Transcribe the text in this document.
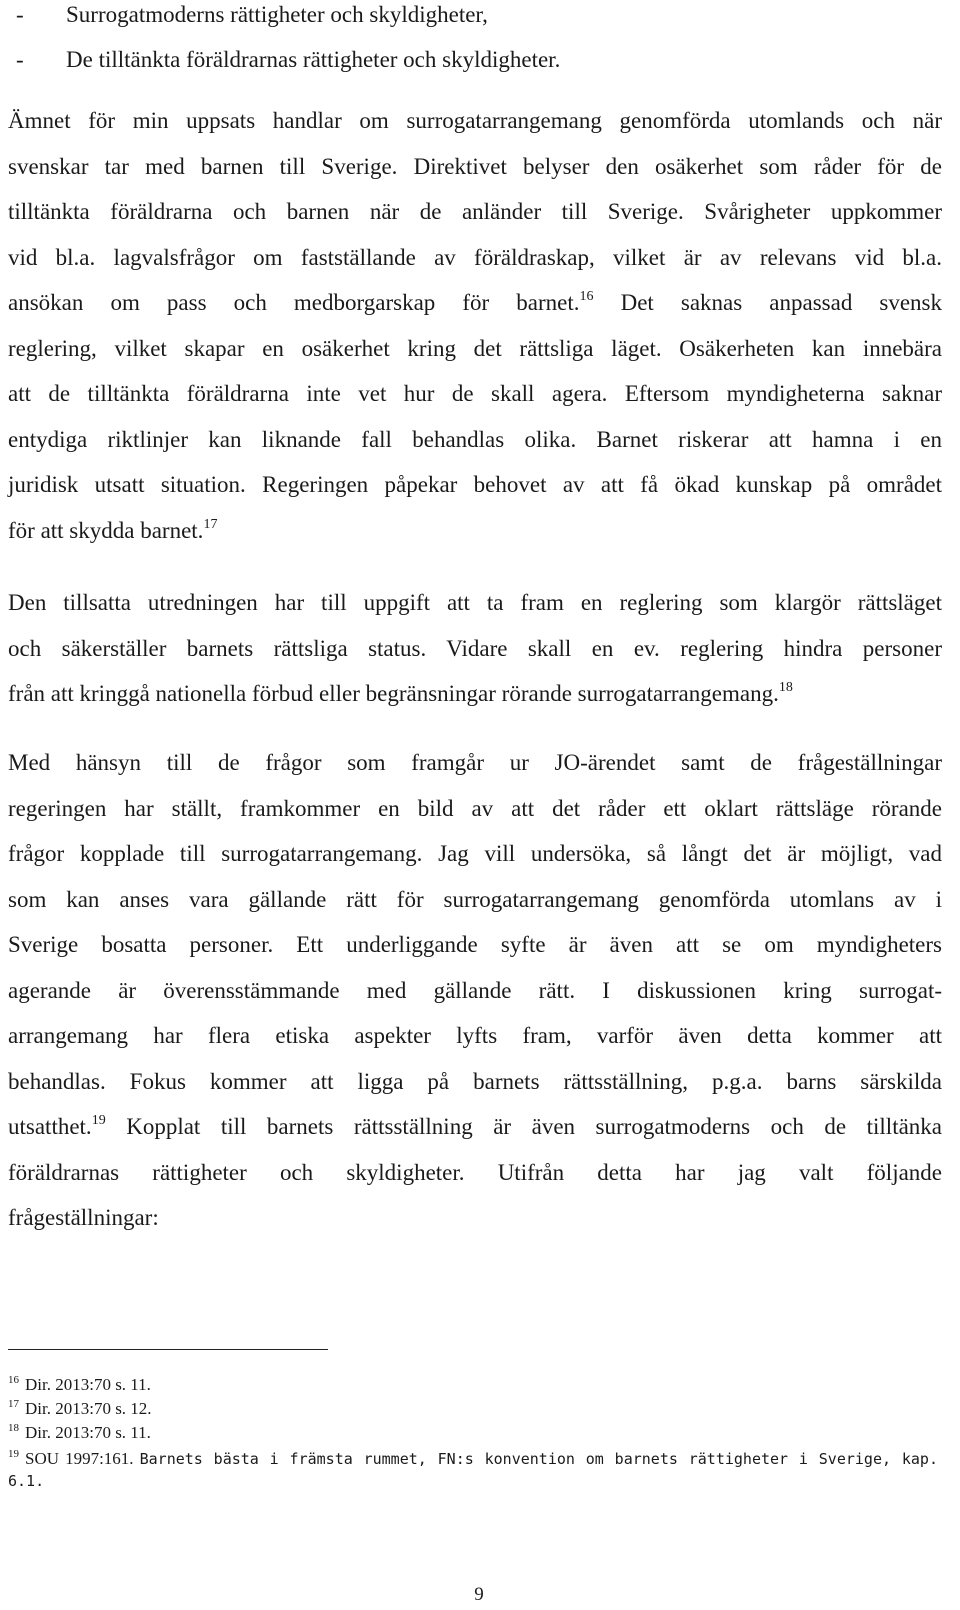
- Surrogatmoderns rättigheter och skyldigheter,
- De tilltänkta föräldrarnas rättigheter och skyldigheter.
Ämnet för min uppsats handlar om surrogatarrangemang genomförda utomlands och när
svenskar tar med barnen till Sverige. Direktivet belyser den osäkerhet som råder för de
tilltänkta föräldrarna och barnen när de anländer till Sverige. Svårigheter uppkommer
vid bl.a. lagvalsfrågor om fastställande av föräldraskap, vilket är av relevans vid bl.a.
ansökan om pass och medborgarskap för barnet.$^{16}$ Det saknas anpassad svensk
reglering, vilket skapar en osäkerhet kring det rättsliga läget. Osäkerheten kan innebära
att de tilltänkta föräldrarna inte vet hur de skall agera. Eftersom myndigheterna saknar
entydiga riktlinjer kan liknande fall behandlas olika. Barnet riskerar att hamna i en
juridisk utsatt situation. Regeringen påpekar behovet av att få ökad kunskap på området
för att skydda barnet.$^{17}$
Den tillsatta utredningen har till uppgift att ta fram en reglering som klargör rättsläget
och säkerställer barnets rättsliga status. Vidare skall en ev. reglering hindra personer
från att kringgå nationella förbud eller begränsningar rörande surrogatarrangemang.$^{18}$
Med hänsyn till de frågor som framgår ur JO-ärendet samt de frågeställningar
regeringen har ställt, framkommer en bild av att det råder ett oklart rättsläge rörande
frågor kopplade till surrogatarrangemang. Jag vill undersöka, så långt det är möjligt, vad
som kan anses vara gällande rätt för surrogatarrangemang genomförda utomlans av i
Sverige bosatta personer. Ett underliggande syfte är även att se om myndigheters
agerande är överensstämmande med gällande rätt. I diskussionen kring surrogat-
arrangemang har flera etiska aspekter lyfts fram, varför även detta kommer att
behandlas. Fokus kommer att ligga på barnets rättsställning, p.g.a. barns särskilda
utsatthet.$^{19}$ Kopplat till barnets rättsställning är även surrogatmoderns och de tilltänka
föräldrarnas rättigheter och skyldigheter. Utifrån detta har jag valt följande
frågeställningar:
$^{16}$ Dir. 2013:70 s. 11.
$^{17}$ Dir. 2013:70 s. 12.
$^{18}$ Dir. 2013:70 s. 11.
$^{19}$ SOU 1997:161. Barnets bästa i främsta rummet, FN:s konvention om barnets rättigheter i Sverige, kap. 6.1.
9
